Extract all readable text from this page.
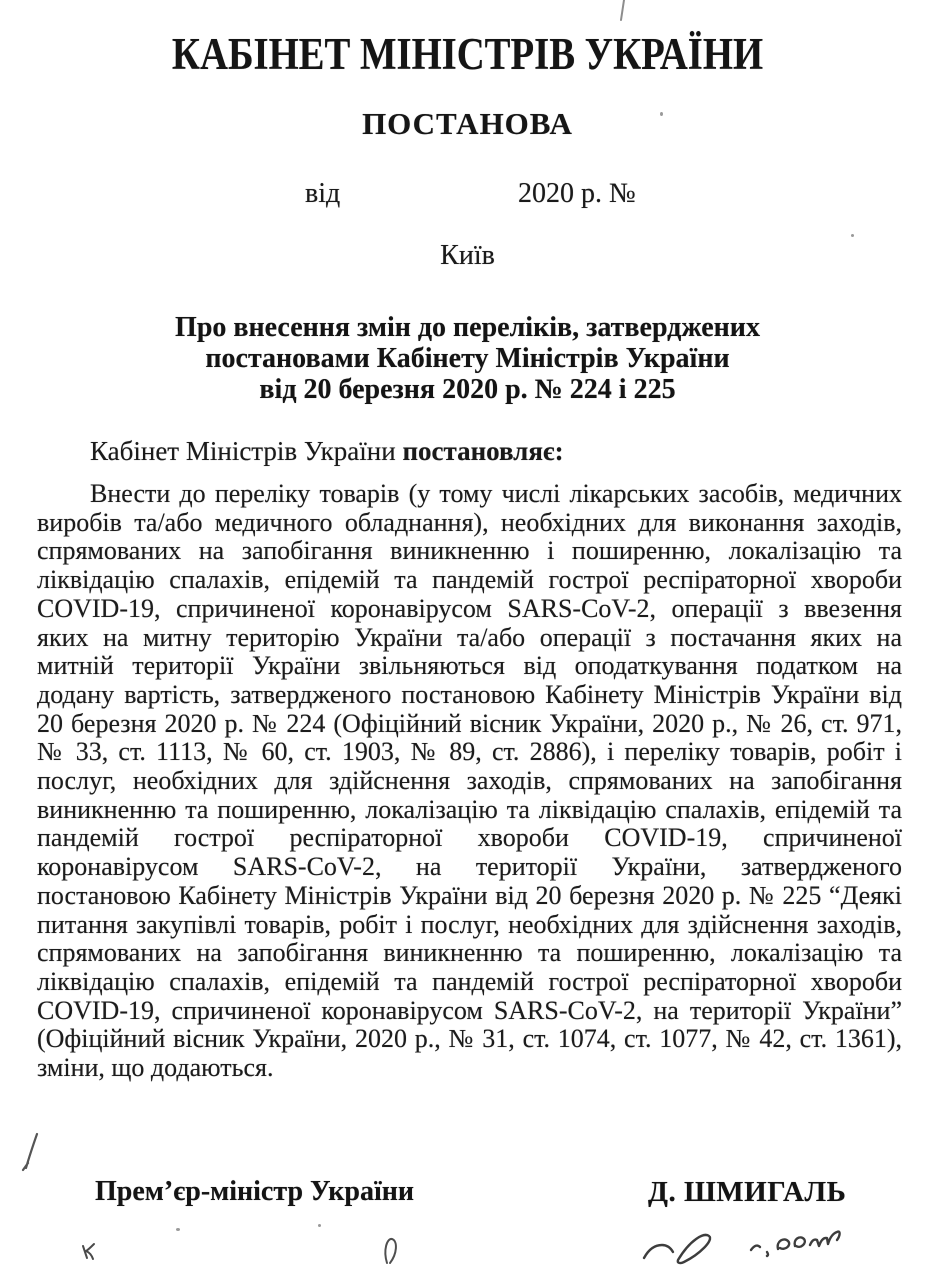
КАБІНЕТ МІНІСТРІВ УКРАЇНИ
ПОСТАНОВА
від	2020 р. №
Київ
Про внесення змін до переліків, затверджених
постановами Кабінету Міністрів України
від 20 березня 2020 р. № 224 і 225
Кабінет Міністрів України постановляє:
Внести до переліку товарів (у тому числі лікарських засобів, медичних виробів та/або медичного обладнання), необхідних для виконання заходів, спрямованих на запобігання виникненню і поширенню, локалізацію та ліквідацію спалахів, епідемій та пандемій гострої респіраторної хвороби COVID-19, спричиненої коронавірусом SARS-CoV-2, операції з ввезення яких на митну територію України та/або операції з постачання яких на митній території України звільняються від оподаткування податком на додану вартість, затвердженого постановою Кабінету Міністрів України від 20 березня 2020 р. № 224 (Офіційний вісник України, 2020 р., № 26, ст. 971, № 33, ст. 1113, № 60, ст. 1903, № 89, ст. 2886), і переліку товарів, робіт і послуг, необхідних для здійснення заходів, спрямованих на запобігання виникненню та поширенню, локалізацію та ліквідацію спалахів, епідемій та пандемій гострої респіраторної хвороби COVID-19, спричиненої коронавірусом SARS-CoV-2, на території України, затвердженого постановою Кабінету Міністрів України від 20 березня 2020 р. № 225 “Деякі питання закупівлі товарів, робіт і послуг, необхідних для здійснення заходів, спрямованих на запобігання виникненню та поширенню, локалізацію та ліквідацію спалахів, епідемій та пандемій гострої респіраторної хвороби COVID-19, спричиненої коронавірусом SARS-CoV-2, на території України” (Офіційний вісник України, 2020 р., № 31, ст. 1074, ст. 1077, № 42, ст. 1361), зміни, що додаються.
Прем’єр-міністр України	Д. ШМИГАЛЬ
